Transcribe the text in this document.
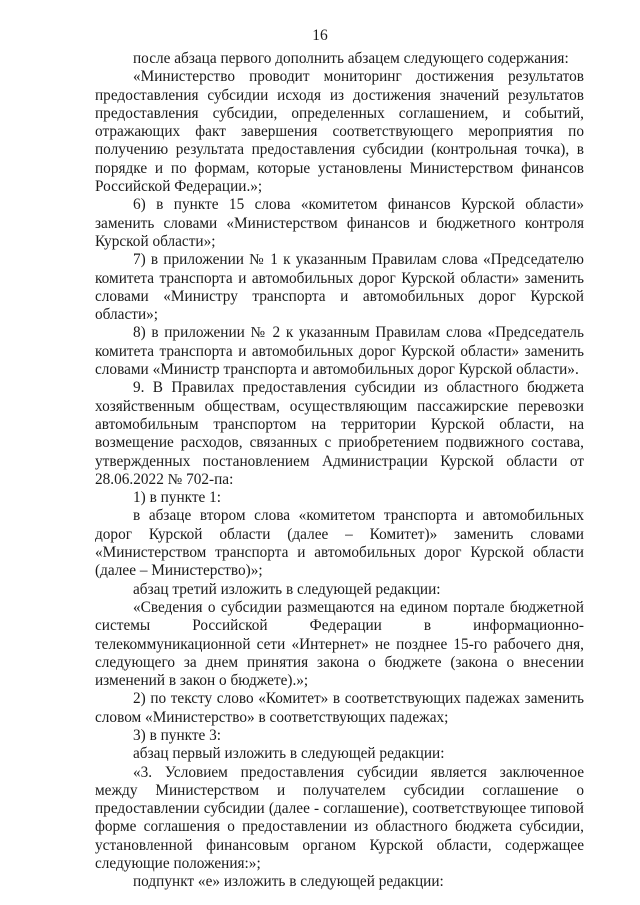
16

после абзаца первого дополнить абзацем следующего содержания:

«Министерство проводит мониторинг достижения результатов предоставления субсидии исходя из достижения значений результатов предоставления субсидии, определенных соглашением, и событий, отражающих факт завершения соответствующего мероприятия по получению результата предоставления субсидии (контрольная точка), в порядке и по формам, которые установлены Министерством финансов Российской Федерации.»;

6) в пункте 15 слова «комитетом финансов Курской области» заменить словами «Министерством финансов и бюджетного контроля Курской области»;

7) в приложении № 1 к указанным Правилам слова «Председателю комитета транспорта и автомобильных дорог Курской области» заменить словами «Министру транспорта и автомобильных дорог Курской области»;

8) в приложении № 2 к указанным Правилам слова «Председатель комитета транспорта и автомобильных дорог Курской области» заменить словами «Министр транспорта и автомобильных дорог Курской области».

9. В Правилах предоставления субсидии из областного бюджета хозяйственным обществам, осуществляющим пассажирские перевозки автомобильным транспортом на территории Курской области, на возмещение расходов, связанных с приобретением подвижного состава, утвержденных постановлением Администрации Курской области от 28.06.2022 № 702-па:

1) в пункте 1:

в абзаце втором слова «комитетом транспорта и автомобильных дорог Курской области (далее – Комитет)» заменить словами «Министерством транспорта и автомобильных дорог Курской области (далее – Министерство)»;

абзац третий изложить в следующей редакции:

«Сведения о субсидии размещаются на едином портале бюджетной системы Российской Федерации в информационно-телекоммуникационной сети «Интернет» не позднее 15-го рабочего дня, следующего за днем принятия закона о бюджете (закона о внесении изменений в закон о бюджете).»;

2) по тексту слово «Комитет» в соответствующих падежах заменить словом «Министерство» в соответствующих падежах;

3) в пункте 3:

абзац первый изложить в следующей редакции:

«3. Условием предоставления субсидии является заключенное между Министерством и получателем субсидии соглашение о предоставлении субсидии (далее - соглашение), соответствующее типовой форме соглашения о предоставлении из областного бюджета субсидии, установленной финансовым органом Курской области, содержащее следующие положения:»;

подпункт «е» изложить в следующей редакции:
